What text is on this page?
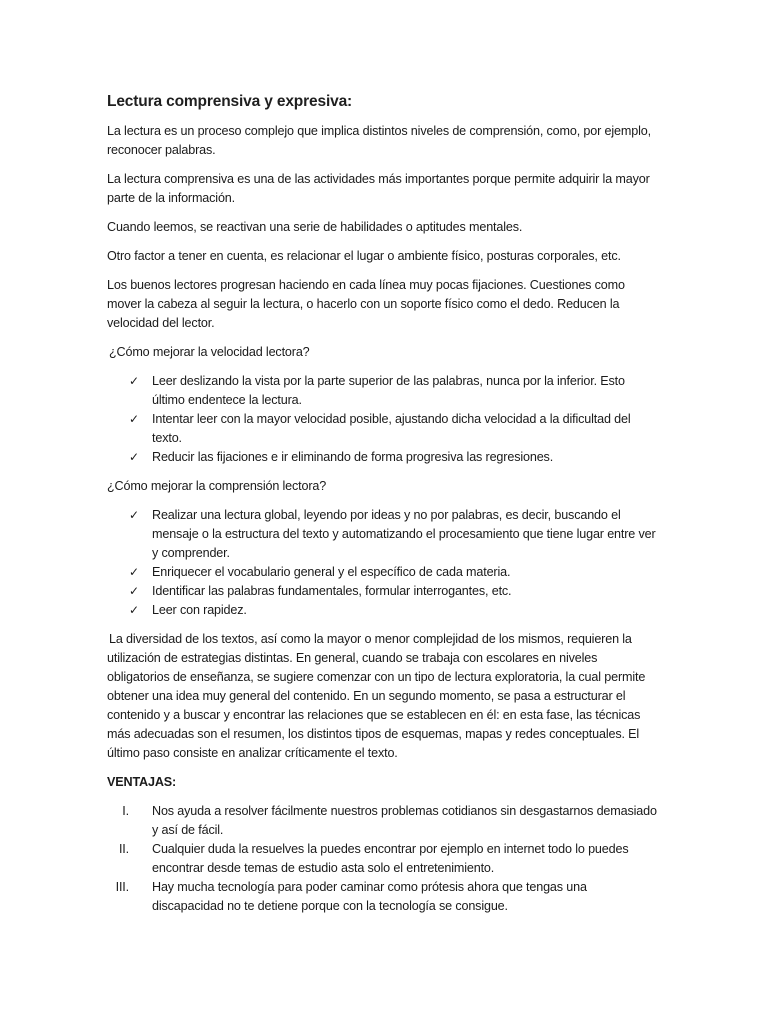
Lectura comprensiva y expresiva:

La lectura es un proceso complejo que implica distintos niveles de comprensión, como, por ejemplo, reconocer palabras.

La lectura comprensiva es una de las actividades más importantes porque permite adquirir la mayor parte de la información.

Cuando leemos, se reactivan una serie de habilidades o aptitudes mentales.

Otro factor a tener en cuenta, es relacionar el lugar o ambiente físico, posturas corporales, etc.

Los buenos lectores progresan haciendo en cada línea muy pocas fijaciones. Cuestiones como mover la cabeza al seguir la lectura, o hacerlo con un soporte físico como el dedo. Reducen la velocidad del lector.

¿Cómo mejorar la velocidad lectora?

✓ Leer deslizando la vista por la parte superior de las palabras, nunca por la inferior. Esto último endentece la lectura.
✓ Intentar leer con la mayor velocidad posible, ajustando dicha velocidad a la dificultad del texto.
✓ Reducir las fijaciones e ir eliminando de forma progresiva las regresiones.

¿Cómo mejorar la comprensión lectora?

✓ Realizar una lectura global, leyendo por ideas y no por palabras, es decir, buscando el mensaje o la estructura del texto y automatizando el procesamiento que tiene lugar entre ver y comprender.
✓ Enriquecer el vocabulario general y el específico de cada materia.
✓ Identificar las palabras fundamentales, formular interrogantes, etc.
✓ Leer con rapidez.

La diversidad de los textos, así como la mayor o menor complejidad de los mismos, requieren la utilización de estrategias distintas. En general, cuando se trabaja con escolares en niveles obligatorios de enseñanza, se sugiere comenzar con un tipo de lectura exploratoria, la cual permite obtener una idea muy general del contenido. En un segundo momento, se pasa a estructurar el contenido y a buscar y encontrar las relaciones que se establecen en él: en esta fase, las técnicas más adecuadas son el resumen, los distintos tipos de esquemas, mapas y redes conceptuales. El último paso consiste en analizar críticamente el texto.

VENTAJAS:

I. Nos ayuda a resolver fácilmente nuestros problemas cotidianos sin desgastarnos demasiado y así de fácil.
II. Cualquier duda la resuelves la puedes encontrar por ejemplo en internet todo lo puedes encontrar desde temas de estudio asta solo el entretenimiento.
III. Hay mucha tecnología para poder caminar como prótesis ahora que tengas una discapacidad no te detiene porque con la tecnología se consigue.
